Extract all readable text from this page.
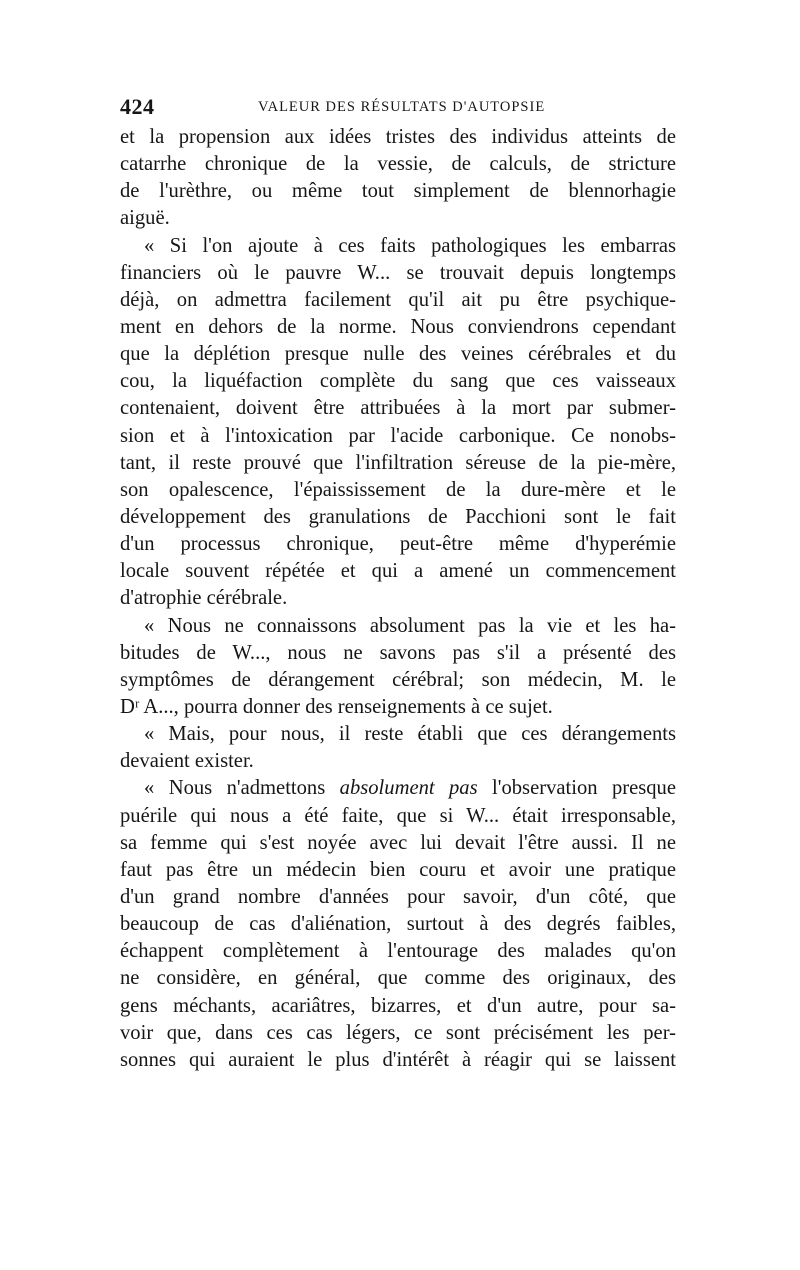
424	VALEUR DES RÉSULTATS D'AUTOPSIE
et la propension aux idées tristes des individus atteints de
catarrhe chronique de la vessie, de calculs, de stricture
de l'urèthre, ou même tout simplement de blennorhagie
aiguë.
« Si l'on ajoute à ces faits pathologiques les embarras
financiers où le pauvre W... se trouvait depuis longtemps
déjà, on admettra facilement qu'il ait pu être psychique-
ment en dehors de la norme. Nous conviendrons cependant
que la déplétion presque nulle des veines cérébrales et du
cou, la liquéfaction complète du sang que ces vaisseaux
contenaient, doivent être attribuées à la mort par submer-
sion et à l'intoxication par l'acide carbonique. Ce nonobs-
tant, il reste prouvé que l'infiltration séreuse de la pie-mère,
son opalescence, l'épaississement de la dure-mère et le
développement des granulations de Pacchioni sont le fait
d'un processus chronique, peut-être même d'hyperémie
locale souvent répétée et qui a amené un commencement
d'atrophie cérébrale.
« Nous ne connaissons absolument pas la vie et les ha-
bitudes de W..., nous ne savons pas s'il a présenté des
symptômes de dérangement cérébral; son médecin, M. le
Dʳ A..., pourra donner des renseignements à ce sujet.
« Mais, pour nous, il reste établi que ces dérangements
devaient exister.
« Nous n'admettons absolument pas l'observation presque
puérile qui nous a été faite, que si W... était irresponsable,
sa femme qui s'est noyée avec lui devait l'être aussi. Il ne
faut pas être un médecin bien couru et avoir une pratique
d'un grand nombre d'années pour savoir, d'un côté, que
beaucoup de cas d'aliénation, surtout à des degrés faibles,
échappent complètement à l'entourage des malades qu'on
ne considère, en général, que comme des originaux, des
gens méchants, acariâtres, bizarres, et d'un autre, pour sa-
voir que, dans ces cas légers, ce sont précisément les per-
sonnes qui auraient le plus d'intérêt à réagir qui se laissent
